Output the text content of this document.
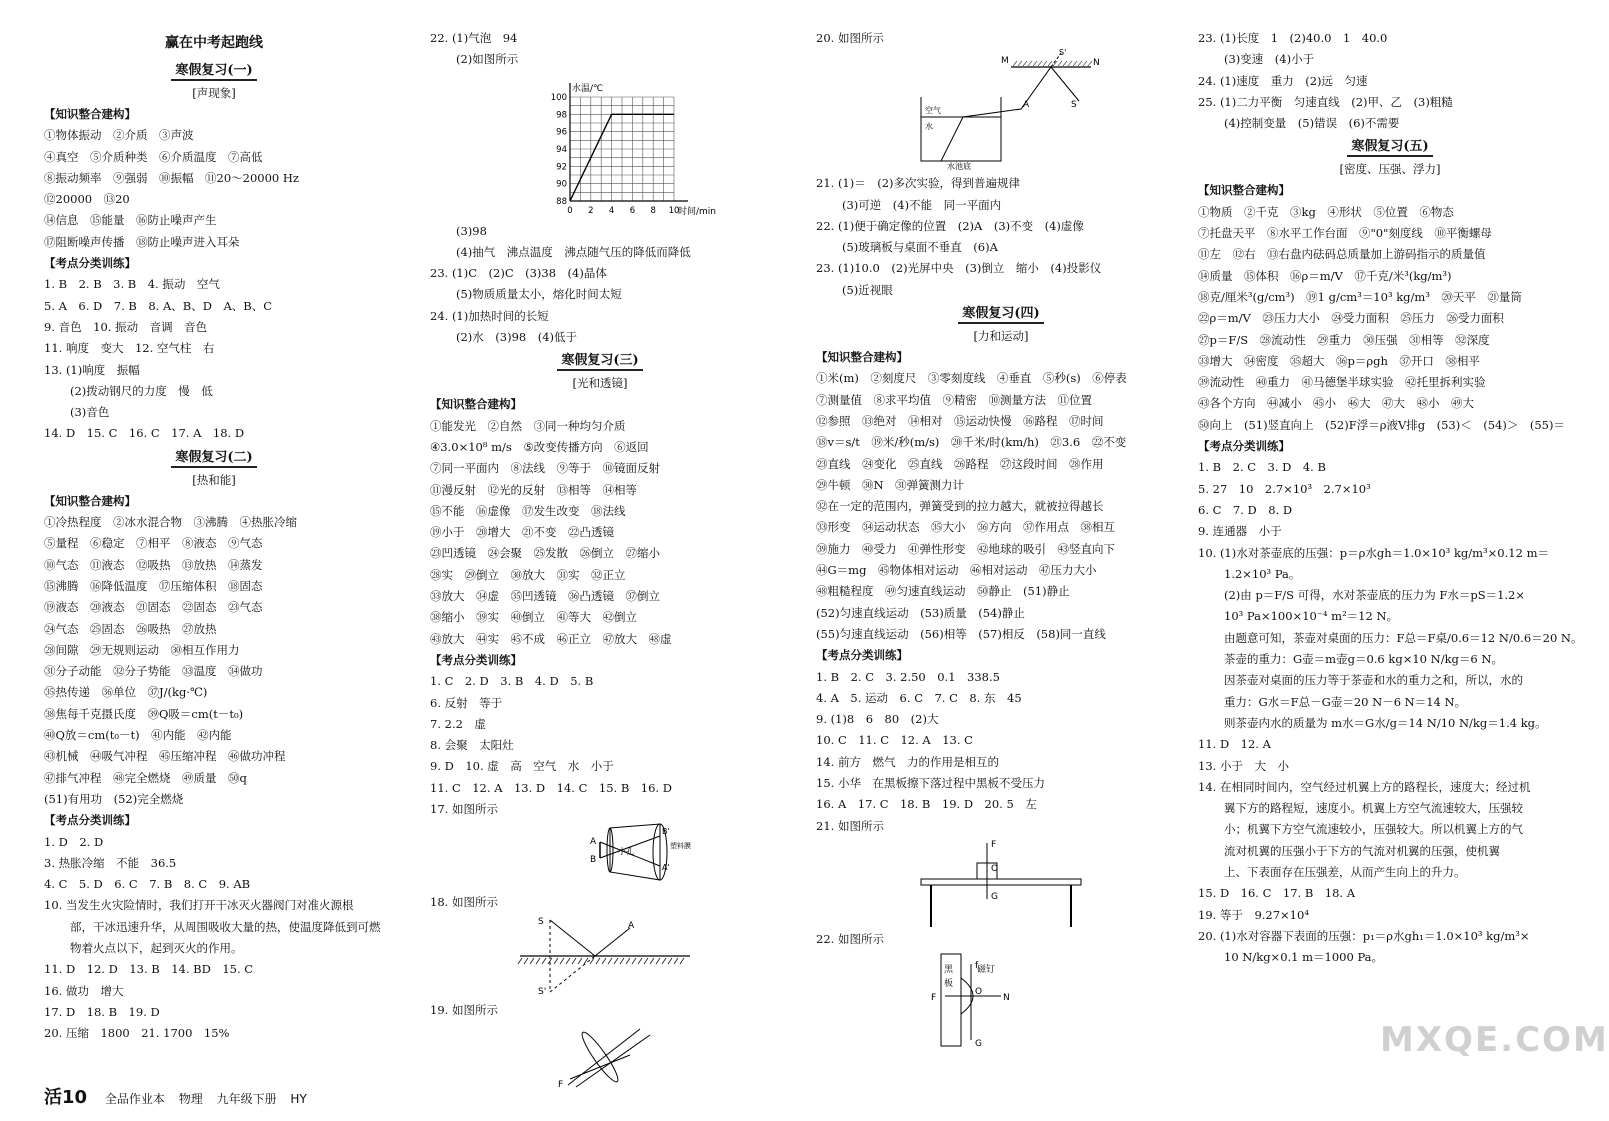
赢在中考起跑线
寒假复习(一)
[声现象]
【知识整合建构】
①物体振动　②介质　③声波
④真空　⑤介质种类　⑥介质温度　⑦高低
⑧振动频率　⑨强弱　⑩振幅　⑪20～20000 Hz
⑫20000　⑬20
⑭信息　⑮能量　⑯防止噪声产生
⑰阻断噪声传播　⑱防止噪声进入耳朵
【考点分类训练】
1. B　2. B　3. B　4. 振动　空气
5. A　6. D　7. B　8. A、B、D　A、B、C
9. 音色　10. 振动　音调　音色
11. 响度　变大　12. 空气柱　右
13. (1)响度　振幅
(2)拨动钢尺的力度　慢　低
(3)音色
14. D　15. C　16. C　17. A　18. D
寒假复习(二)
[热和能]
【知识整合建构】
①冷热程度　②冰水混合物　③沸腾　④热胀冷缩
⑤量程　⑥稳定　⑦相平　⑧液态　⑨气态
⑩气态　⑪液态　⑫吸热　⑬放热　⑭蒸发
⑮沸腾　⑯降低温度　⑰压缩体积　⑱固态
⑲液态　⑳液态　㉑固态　㉒固态　㉓气态
㉔气态　㉕固态　㉖吸热　㉗放热
㉘间隙　㉙无规则运动　㉚相互作用力
㉛分子动能　㉜分子势能　㉝温度　㉞做功
㉟热传递　㊱单位　㊲J/(kg·℃)
㊳焦每千克摄氏度　㊴Q吸＝cm(t－t₀)
㊵Q放＝cm(t₀－t)　㊶内能　㊷内能
㊸机械　㊹吸气冲程　㊺压缩冲程　㊻做功冲程
㊼排气冲程　㊽完全燃烧　㊾质量　㊿q
(51)有用功　(52)完全燃烧
【考点分类训练】
1. D　2. D
3. 热胀冷缩　不能　36.5
4. C　5. D　6. C　7. B　8. C　9. AB
10. 当发生火灾险情时，我们打开干冰灭火器阀门对准火源根
部，干冰迅速升华，从周围吸收大量的热，使温度降低到可燃
物着火点以下，起到灭火的作用。
11. D　12. D　13. B　14. BD　15. C
16. 做功　增大
17. D　18. B　19. D
20. 压缩　1800　21. 1700　15%
22. (1)气泡　94
(2)如图所示
水温/℃
时间/min
100
98
96
94
92
90
88
0 2 4 6 8 10
(3)98
(4)抽气　沸点温度　沸点随气压的降低而降低
23. (1)C　(2)C　(3)38　(4)晶体
(5)物质质量太小，熔化时间太短
24. (1)加热时间的长短
(2)水　(3)98　(4)低于
寒假复习(三)
[光和透镜]
【知识整合建构】
①能发光　②自然　③同一种均匀介质
④3.0×10⁸ m/s　⑤改变传播方向　⑥返回
⑦同一平面内　⑧法线　⑨等于　⑩镜面反射
⑪漫反射　⑫光的反射　⑬相等　⑭相等
⑮不能　⑯虚像　⑰发生改变　⑱法线
⑲小于　⑳增大　㉑不变　㉒凸透镜
㉓凹透镜　㉔会聚　㉕发散　㉖倒立　㉗缩小
㉘实　㉙倒立　㉚放大　㉛实　㉜正立
㉝放大　㉞虚　㉟凹透镜　㊱凸透镜　㊲倒立
㊳缩小　㊴实　㊵倒立　㊶等大　㊷倒立
㊸放大　㊹实　㊺不成　㊻正立　㊼放大　㊽虚
【考点分类训练】
1. C　2. D　3. B　4. D　5. B
6. 反射　等于
7. 2.2　虚
8. 会聚　太阳灶
9. D　10. 虚　高　空气　水　小于
11. C　12. A　13. D　14. C　15. B　16. D
17. 如图所示
A
B
小孔
B'
A'
塑料膜
18. 如图所示
S	A
S'
19. 如图所示
F
20. 如图所示
M	N
S'
S
A
空气
水
水池底
21. (1)＝　(2)多次实验，得到普遍规律
(3)可逆　(4)不能　同一平面内
22. (1)便于确定像的位置　(2)A　(3)不变　(4)虚像
(5)玻璃板与桌面不垂直　(6)A
23. (1)10.0　(2)光屏中央　(3)倒立　缩小　(4)投影仪
(5)近视眼
寒假复习(四)
[力和运动]
【知识整合建构】
①米(m)　②刻度尺　③零刻度线　④垂直　⑤秒(s)　⑥停表
⑦测量值　⑧求平均值　⑨精密　⑩测量方法　⑪位置
⑫参照　⑬绝对　⑭相对　⑮运动快慢　⑯路程　⑰时间
⑱v＝s/t　⑲米/秒(m/s)　⑳千米/时(km/h)　㉑3.6　㉒不变
㉓直线　㉔变化　㉕直线　㉖路程　㉗这段时间　㉘作用
㉙牛顿　㉚N　㉛弹簧测力计
㉜在一定的范围内，弹簧受到的拉力越大，就被拉得越长
㉝形变　㉞运动状态　㉟大小　㊱方向　㊲作用点　㊳相互
㊴施力　㊵受力　㊶弹性形变　㊷地球的吸引　㊸竖直向下
㊹G＝mg　㊺物体相对运动　㊻相对运动　㊼压力大小
㊽粗糙程度　㊾匀速直线运动　㊿静止　(51)静止
(52)匀速直线运动　(53)质量　(54)静止
(55)匀速直线运动　(56)相等　(57)相反　(58)同一直线
【考点分类训练】
1. B　2. C　3. 2.50　0.1　338.5
4. A　5. 运动　6. C　7. C　8. 东　45
9. (1)8　6　80　(2)大
10. C　11. C　12. A　13. C
14. 前方　燃气　力的作用是相互的
15. 小华　在黑板擦下落过程中黑板不受压力
16. A　17. C　18. B　19. D　20. 5　左
21. 如图所示
F
O
G
22. 如图所示
黑
板
磁钉
F
f
O
N
G
23. (1)长度　1　(2)40.0　1　40.0
(3)变速　(4)小于
24. (1)速度　重力　(2)远　匀速
25. (1)二力平衡　匀速直线　(2)甲、乙　(3)粗糙
(4)控制变量　(5)错误　(6)不需要
寒假复习(五)
[密度、压强、浮力]
【知识整合建构】
①物质　②千克　③kg　④形状　⑤位置　⑥物态
⑦托盘天平　⑧水平工作台面　⑨"0"刻度线　⑩平衡螺母
⑪左　⑫右　⑬右盘内砝码总质量加上游码指示的质量值
⑭质量　⑮体积　⑯ρ＝m/V　⑰千克/米³(kg/m³)
⑱克/厘米³(g/cm³)　⑲1 g/cm³＝10³ kg/m³　⑳天平　㉑量筒
㉒ρ＝m/V　㉓压力大小　㉔受力面积　㉕压力　㉖受力面积
㉗p＝F/S　㉘流动性　㉙重力　㉚压强　㉛相等　㉜深度
㉝增大　㉞密度　㉟超大　㊱p＝ρgh　㊲开口　㊳相平
㊴流动性　㊵重力　㊶马德堡半球实验　㊷托里拆利实验
㊸各个方向　㊹减小　㊺小　㊻大　㊼大　㊽小　㊾大
㊿向上　(51)竖直向上　(52)F浮＝ρ液V排g　(53)＜　(54)＞　(55)＝
【考点分类训练】
1. B　2. C　3. D　4. B
5. 27　10　2.7×10³　2.7×10³
6. C　7. D　8. D
9. 连通器　小于
10. (1)水对茶壶底的压强：p＝ρ水gh＝1.0×10³ kg/m³×0.12 m＝
1.2×10³ Pa。
(2)由 p＝F/S 可得，水对茶壶底的压力为 F水＝pS＝1.2×
10³ Pa×100×10⁻⁴ m²＝12 N。
由题意可知，茶壶对桌面的压力：F总＝F桌/0.6＝12 N/0.6＝20 N。
茶壶的重力：G壶＝m壶g＝0.6 kg×10 N/kg＝6 N。
因茶壶对桌面的压力等于茶壶和水的重力之和，所以，水的
重力：G水＝F总－G壶＝20 N－6 N＝14 N。
则茶壶内水的质量为 m水＝G水/g＝14 N/10 N/kg＝1.4 kg。
11. D　12. A
13. 小于　大　小
14. 在相同时间内，空气经过机翼上方的路程长，速度大；经过机
翼下方的路程短，速度小。机翼上方空气流速较大，压强较
小；机翼下方空气流速较小，压强较大。所以机翼上方的气
流对机翼的压强小于下方的气流对机翼的压强，使机翼
上、下表面存在压强差，从而产生向上的升力。
15. D　16. C　17. B　18. A
19. 等于　9.27×10⁴
20. (1)水对容器下表面的压强：p₁＝ρ水gh₁＝1.0×10³ kg/m³×
10 N/kg×0.1 m＝1000 Pa。
活10 全品作业本 物理 九年级下册 HY
MXQE.COM
